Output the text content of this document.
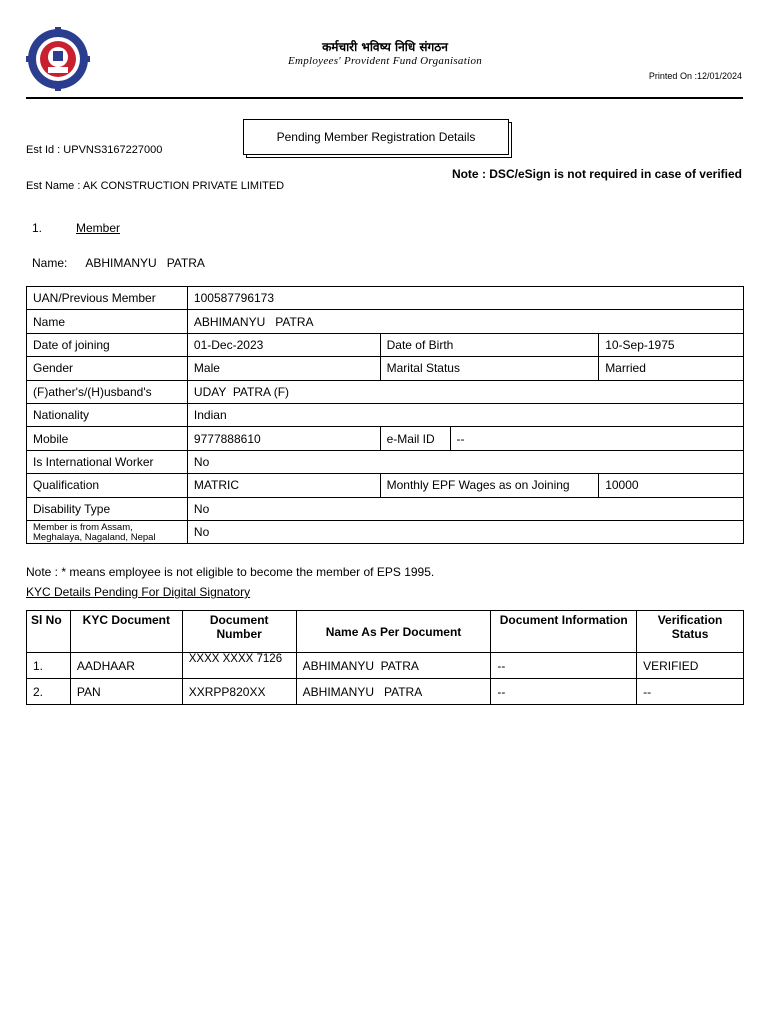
कर्मचारी भविष्य निधि संगठन
Employees' Provident Fund Organisation
Printed On :12/01/2024
Pending Member Registration Details
Est Id : UPVNS3167227000
Note : DSC/eSign is not required in case of verified
Est Name : AK CONSTRUCTION PRIVATE LIMITED
1.	Member
Name: ABHIMANYU   PATRA
UAN/Previous Member	100587796173			
Name	ABHIMANYU   PATRA			
Date of joining	01-Dec-2023	Date of Birth		10-Sep-1975
Gender	Male	Marital Status		Married
(F)ather's/(H)usband's	UDAY  PATRA (F)			
Nationality	Indian			
Mobile	9777888610	e-Mail ID	--	
Is International Worker	No			
Qualification	MATRIC	Monthly EPF Wages as on Joining		10000
Disability Type	No			
Member is from Assam, Meghalaya, Nagaland, Nepal	No			
Note : * means employee is not eligible to become the member of EPS 1995.
KYC Details Pending For Digital Signatory
Sl No	KYC Document	Document Number	Name As Per Document	Document Information	Verification Status
1.	AADHAAR	XXXX XXXX 7126	ABHIMANYU  PATRA	--	VERIFIED
2.	PAN	XXRPP820XX	ABHIMANYU   PATRA	--	--
